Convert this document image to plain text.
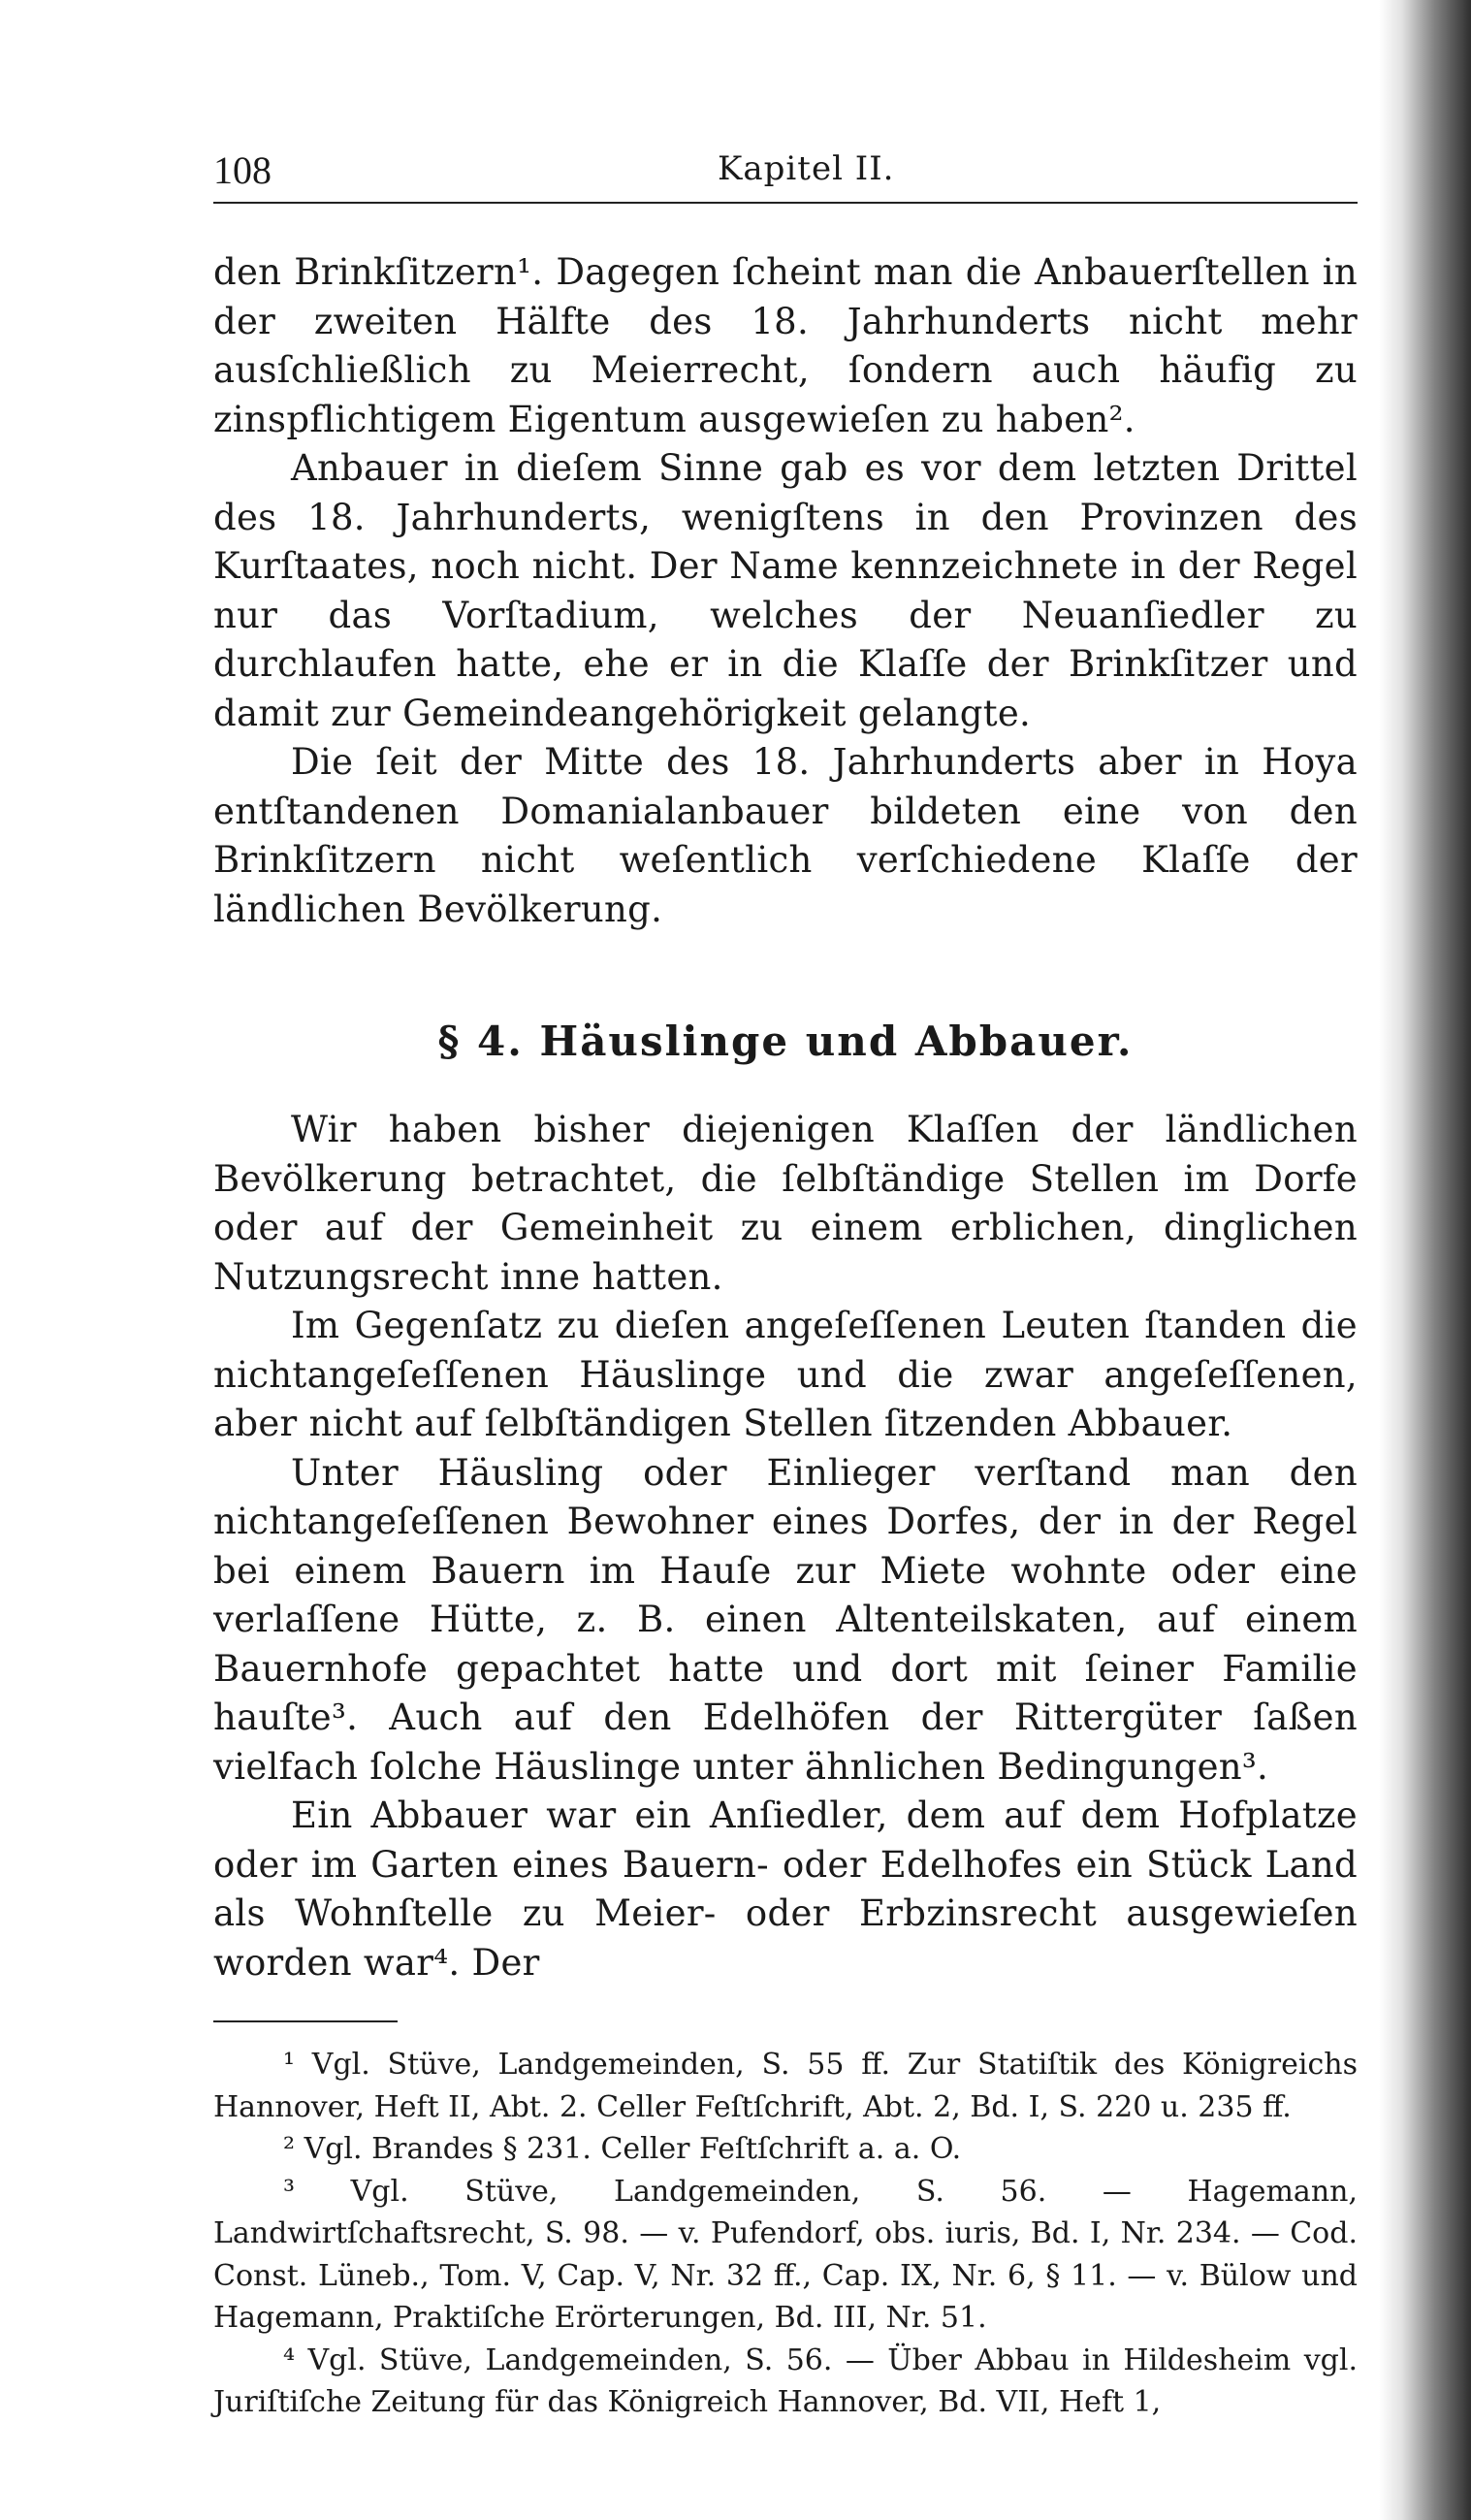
108	Kapitel II.

den Brinkſitzern¹. Dagegen ſcheint man die Anbauerſtellen in der zweiten Hälfte des 18. Jahrhunderts nicht mehr ausſchließlich zu Meierrecht, ſondern auch häufig zu zinspflichtigem Eigentum ausgewieſen zu haben².

Anbauer in dieſem Sinne gab es vor dem letzten Drittel des 18. Jahrhunderts, wenigſtens in den Provinzen des Kurſtaates, noch nicht. Der Name kennzeichnete in der Regel nur das Vorſtadium, welches der Neuanſiedler zu durchlaufen hatte, ehe er in die Klaſſe der Brinkſitzer und damit zur Gemeindeangehörigkeit gelangte.

Die ſeit der Mitte des 18. Jahrhunderts aber in Hoya entſtandenen Domanialanbauer bildeten eine von den Brinkſitzern nicht weſentlich verſchiedene Klaſſe der ländlichen Bevölkerung.

§ 4. Häuslinge und Abbauer.

Wir haben bisher diejenigen Klaſſen der ländlichen Bevölkerung betrachtet, die ſelbſtändige Stellen im Dorfe oder auf der Gemeinheit zu einem erblichen, dinglichen Nutzungsrecht inne hatten.

Im Gegenſatz zu dieſen angeſeſſenen Leuten ſtanden die nichtangeſeſſenen Häuslinge und die zwar angeſeſſenen, aber nicht auf ſelbſtändigen Stellen ſitzenden Abbauer.

Unter Häusling oder Einlieger verſtand man den nichtangeſeſſenen Bewohner eines Dorfes, der in der Regel bei einem Bauern im Hauſe zur Miete wohnte oder eine verlaſſene Hütte, z. B. einen Altenteilskaten, auf einem Bauernhofe gepachtet hatte und dort mit ſeiner Familie hauſte³. Auch auf den Edelhöfen der Rittergüter ſaßen vielfach ſolche Häuslinge unter ähnlichen Bedingungen³.

Ein Abbauer war ein Anſiedler, dem auf dem Hofplatze oder im Garten eines Bauern- oder Edelhofes ein Stück Land als Wohnſtelle zu Meier- oder Erbzinsrecht ausgewieſen worden war⁴. Der

¹ Vgl. Stüve, Landgemeinden, S. 55 ff. Zur Statiſtik des Königreichs Hannover, Heft II, Abt. 2. Celler Feſtſchrift, Abt. 2, Bd. I, S. 220 u. 235 ff.

² Vgl. Brandes § 231. Celler Feſtſchrift a. a. O.

³ Vgl. Stüve, Landgemeinden, S. 56. — Hagemann, Landwirtſchaftsrecht, S. 98. — v. Pufendorf, obs. iuris, Bd. I, Nr. 234. — Cod. Const. Lüneb., Tom. V, Cap. V, Nr. 32 ff., Cap. IX, Nr. 6, § 11. — v. Bülow und Hagemann, Praktiſche Erörterungen, Bd. III, Nr. 51.

⁴ Vgl. Stüve, Landgemeinden, S. 56. — Über Abbau in Hildesheim vgl. Juriſtiſche Zeitung für das Königreich Hannover, Bd. VII, Heft 1,
